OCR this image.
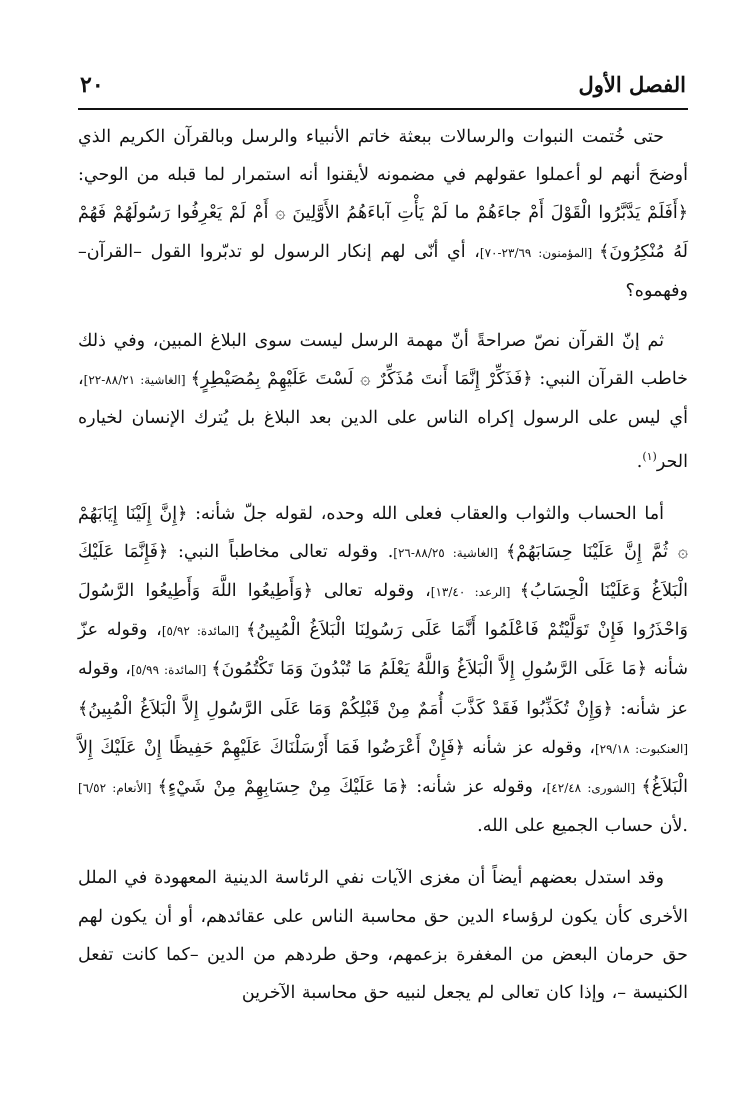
٢٠	الفصل الأول

حتى خُتمت النبوات والرسالات ببعثة خاتم الأنبياء والرسل وبالقرآن الكريم الذي أوضحَ أنهم لو أعملوا عقولهم في مضمونه لأيقنوا أنه استمرار لما قبله من الوحي: ﴿أَفَلَمْ يَدَّبَّرُوا الْقَوْلَ أَمْ جاءَهُمْ ما لَمْ يَأْتِ آباءَهُمُ الأَوَّلِينَ ۞ أَمْ لَمْ يَعْرِفُوا رَسُولَهُمْ فَهُمْ لَهُ مُنْكِرُونَ﴾ [المؤمنون: ٢٣/٦٩-٧٠]، أي أنّى لهم إنكار الرسول لو تدبّروا القول –القرآن– وفهموه؟

ثم إنّ القرآن نصّ صراحةً أنّ مهمة الرسل ليست سوى البلاغ المبين، وفي ذلك خاطب القرآن النبي: ﴿فَذَكِّرْ إِنَّمَا أَنتَ مُذَكِّرٌ ۞ لَسْتَ عَلَيْهِمْ بِمُصَيْطِرٍ﴾ [الغاشية: ٨٨/٢١-٢٢]، أي ليس على الرسول إكراه الناس على الدين بعد البلاغ بل يُترك الإنسان لخياره الحر$^{(١)}$.

أما الحساب والثواب والعقاب فعلى الله وحده، لقوله جلّ شأنه: ﴿إِنَّ إِلَيْنَا إِيَابَهُمْ ۞ ثُمَّ إِنَّ عَلَيْنَا حِسَابَهُمْ﴾ [الغاشية: ٨٨/٢٥-٢٦]. وقوله تعالى مخاطباً النبي: ﴿فَإِنَّمَا عَلَيْكَ الْبَلاَغُ وَعَلَيْنَا الْحِسَابُ﴾ [الرعد: ١٣/٤٠]، وقوله تعالى ﴿وَأَطِيعُوا اللَّهَ وَأَطِيعُوا الرَّسُولَ وَاحْذَرُوا فَإِنْ تَوَلَّيْتُمْ فَاعْلَمُوا أَنَّمَا عَلَى رَسُولِنَا الْبَلاَغُ الْمُبِينُ﴾ [المائدة: ٥/٩٢]، وقوله عزّ شأنه ﴿مَا عَلَى الرَّسُولِ إِلاَّ الْبَلاَغُ وَاللَّهُ يَعْلَمُ مَا تُبْدُونَ وَمَا تَكْتُمُونَ﴾ [المائدة: ٥/٩٩]، وقوله عز شأنه: ﴿وَإِنْ تُكَذِّبُوا فَقَدْ كَذَّبَ أُمَمٌ مِنْ قَبْلِكُمْ وَمَا عَلَى الرَّسُولِ إِلاَّ الْبَلاَغُ الْمُبِينُ﴾ [العنكبوت: ٢٩/١٨]، وقوله عز شأنه ﴿فَإِنْ أَعْرَضُوا فَمَا أَرْسَلْنَاكَ عَلَيْهِمْ حَفِيظًا إِنْ عَلَيْكَ إِلاَّ الْبَلاَغُ﴾ [الشورى: ٤٢/٤٨]، وقوله عز شأنه: ﴿مَا عَلَيْكَ مِنْ حِسَابِهِمْ مِنْ شَيْءٍ﴾ [الأنعام: ٦/٥٢] .لأن حساب الجميع على الله.

وقد استدل بعضهم أيضاً أن مغزى الآيات نفي الرئاسة الدينية المعهودة في الملل الأخرى كأن يكون لرؤساء الدين حق محاسبة الناس على عقائدهم، أو أن يكون لهم حق حرمان البعض من المغفرة بزعمهم، وحق طردهم من الدين –كما كانت تفعل الكنيسة –، وإذا كان تعالى لم يجعل لنبيه حق محاسبة الآخرين
